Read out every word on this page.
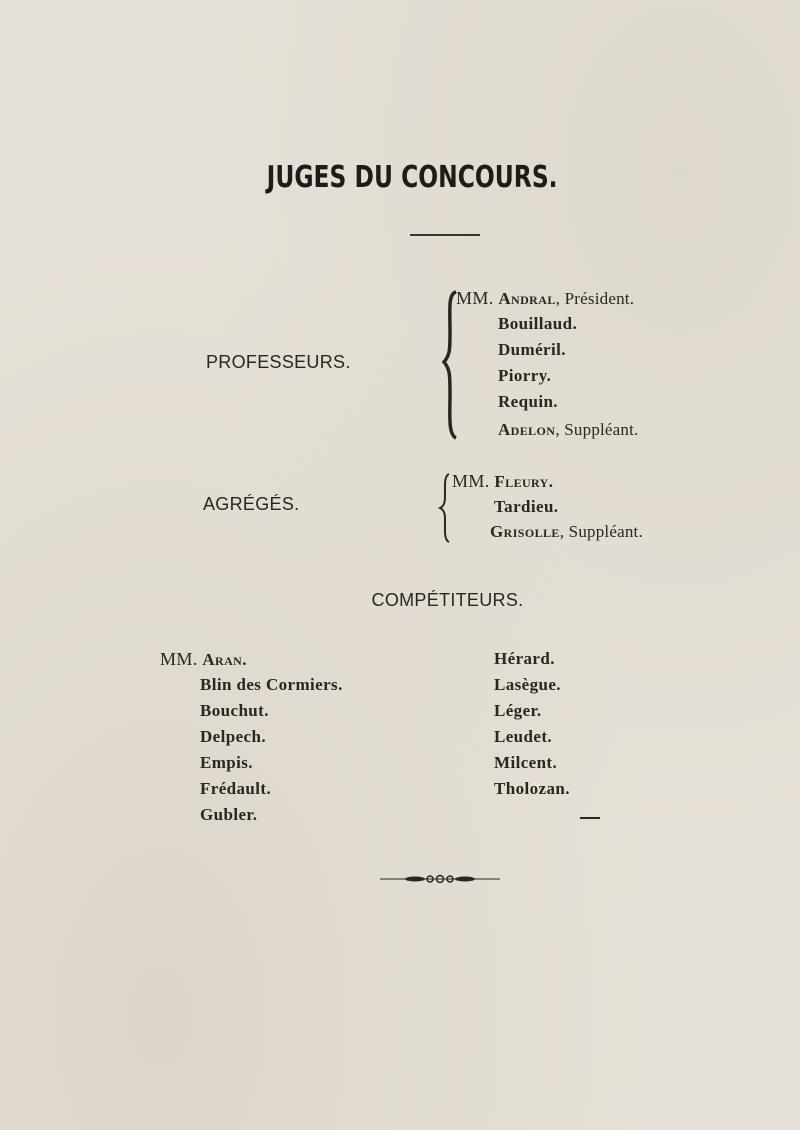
JUGES DU CONCOURS.
PROFESSEURS.
MM. Andral, Président.
Bouillaud.
Duméril.
Piorry.
Requin.
Adelon, Suppléant.
AGRÉGÉS.
MM. Fleury.
Tardieu.
Grisolle, Suppléant.
COMPÉTITEURS.
MM. Aran.
Blin des Cormiers.
Bouchut.
Delpech.
Empis.
Frédault.
Gubler.
Hérard.
Lasègue.
Léger.
Leudet.
Milcent.
Tholozan.
